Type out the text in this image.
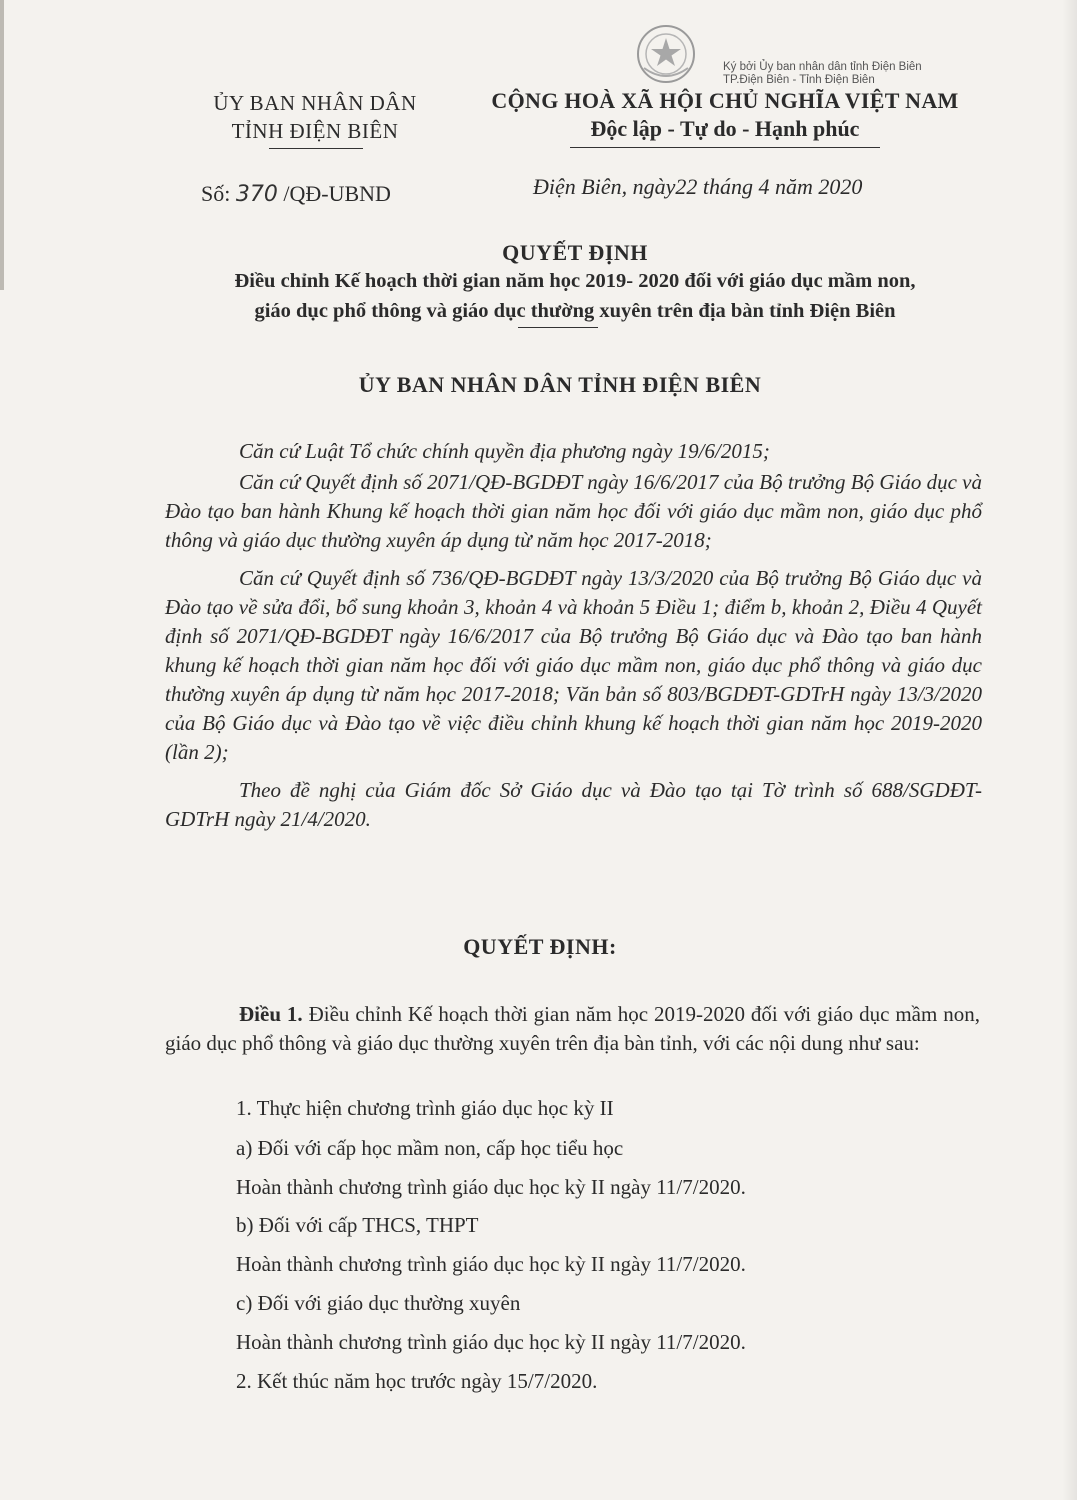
Ký bởi Ủy ban nhân dân tỉnh Điện Biên
TP.Điện Biên - Tỉnh Điện Biên
ỦY BAN NHÂN DÂN
TỈNH ĐIỆN BIÊN
CỘNG HOÀ XÃ HỘI CHỦ NGHĨA VIỆT NAM
Độc lập - Tự do - Hạnh phúc
Số: 370 /QĐ-UBND	Điện Biên, ngày22 tháng 4 năm 2020
QUYẾT ĐỊNH
Điều chỉnh Kế hoạch thời gian năm học 2019- 2020 đối với giáo dục mầm non,
giáo dục phổ thông và giáo dục thường xuyên trên địa bàn tỉnh Điện Biên
ỦY BAN NHÂN DÂN TỈNH ĐIỆN BIÊN

Căn cứ Luật Tổ chức chính quyền địa phương ngày 19/6/2015;

Căn cứ Quyết định số 2071/QĐ-BGDĐT ngày 16/6/2017 của Bộ trưởng Bộ Giáo dục và Đào tạo ban hành Khung kế hoạch thời gian năm học đối với giáo dục mầm non, giáo dục phổ thông và giáo dục thường xuyên áp dụng từ năm học 2017-2018;

Căn cứ Quyết định số 736/QĐ-BGDĐT ngày 13/3/2020 của Bộ trưởng Bộ Giáo dục và Đào tạo về sửa đổi, bổ sung khoản 3, khoản 4 và khoản 5 Điều 1; điểm b, khoản 2, Điều 4 Quyết định số 2071/QĐ-BGDĐT ngày 16/6/2017 của Bộ trưởng Bộ Giáo dục và Đào tạo ban hành khung kế hoạch thời gian năm học đối với giáo dục mầm non, giáo dục phổ thông và giáo dục thường xuyên áp dụng từ năm học 2017-2018; Văn bản số 803/BGDĐT-GDTrH ngày 13/3/2020 của Bộ Giáo dục và Đào tạo về việc điều chỉnh khung kế hoạch thời gian năm học 2019-2020 (lần 2);

Theo đề nghị của Giám đốc Sở Giáo dục và Đào tạo tại Tờ trình số 688/SGDĐT-GDTrH ngày 21/4/2020.

QUYẾT ĐỊNH:
Điều 1. Điều chỉnh Kế hoạch thời gian năm học 2019-2020 đối với giáo dục mầm non, giáo dục phổ thông và giáo dục thường xuyên trên địa bàn tỉnh, với các nội dung như sau:
1. Thực hiện chương trình giáo dục học kỳ II
a) Đối với cấp học mầm non, cấp học tiểu học
Hoàn thành chương trình giáo dục học kỳ II ngày 11/7/2020.
b) Đối với cấp THCS, THPT
Hoàn thành chương trình giáo dục học kỳ II ngày 11/7/2020.
c) Đối với giáo dục thường xuyên
Hoàn thành chương trình giáo dục học kỳ II ngày 11/7/2020.
2. Kết thúc năm học trước ngày 15/7/2020.
